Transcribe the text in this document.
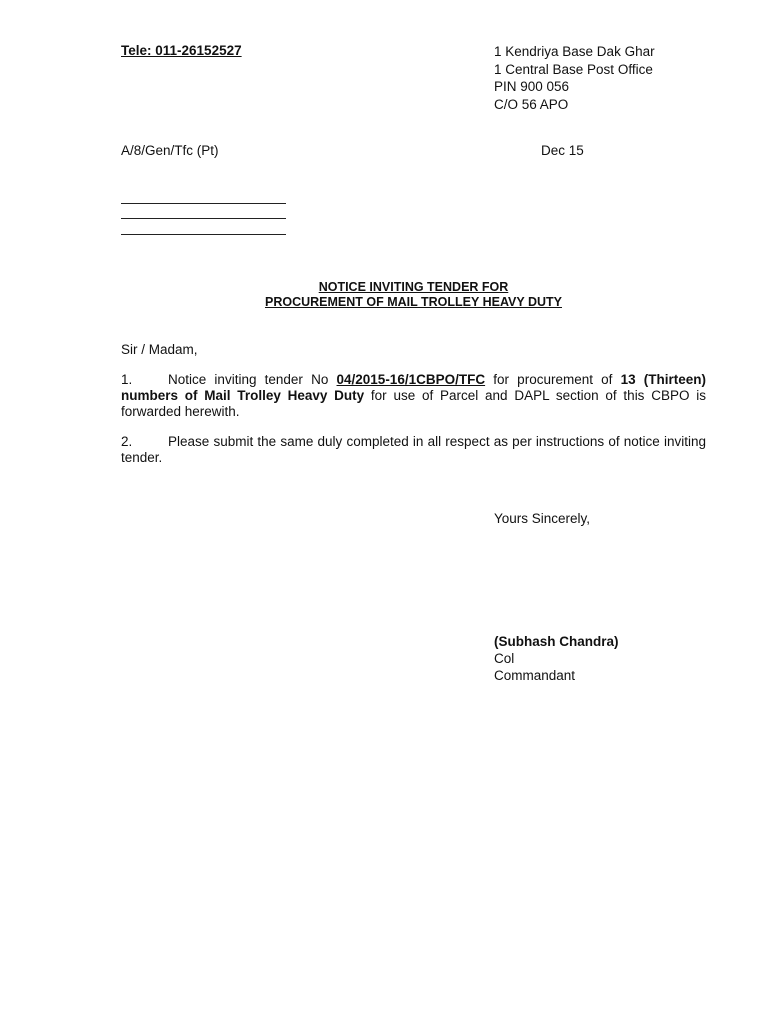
Tele: 011-26152527	1 Kendriya Base Dak Ghar
1 Central Base Post Office
PIN 900 056
C/O 56 APO
A/8/Gen/Tfc (Pt)	Dec 15
NOTICE INVITING TENDER FOR
PROCUREMENT OF MAIL TROLLEY HEAVY DUTY
Sir / Madam,
1.	Notice inviting tender No 04/2015-16/1CBPO/TFC for procurement of 13 (Thirteen) numbers of Mail Trolley Heavy Duty for use of Parcel and DAPL section of this CBPO is forwarded herewith.
2.	Please submit the same duly completed in all respect as per instructions of notice inviting tender.
Yours Sincerely,
(Subhash Chandra)
Col
Commandant
